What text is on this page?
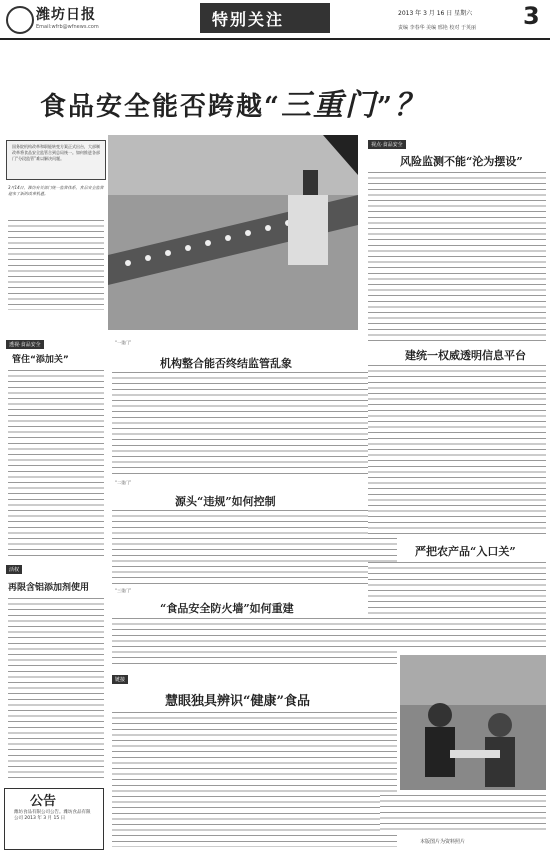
潍坊日报
Email:wfrb@wfnews.com	特别关注	2013 年 3 月 16 日 星期六 3
责编 李春华 美编 邢艳 校对 于英丽
食品安全能否跨越“三重门”？
国务院机构改革和职能转变方案正式出台，大部制改革将食品安全监管合到总局统一。如何推进各部门“分段监管”难以解决问题。
3月14日，潍坊有关部门统一监管体系，食品安全监管迎来了新的改革机遇。
透视·食品安全
管住“添加关”
活权
再限含铝添加剂使用
公告
潍坊食品有限公司公告。潍坊食品有限公司 2013 年 3 月 15 日
“一重门”
机构整合能否终结监管乱象
“二重门”
源头“违规”如何控制
“三重门”
“食品安全防火墙”如何重建
链接
慧眼独具辨识“健康”食品
视点·食品安全
风险监测不能“沦为摆设”
建统一权威透明信息平台
严把农产品“入口关”
本版图片为资料照片
